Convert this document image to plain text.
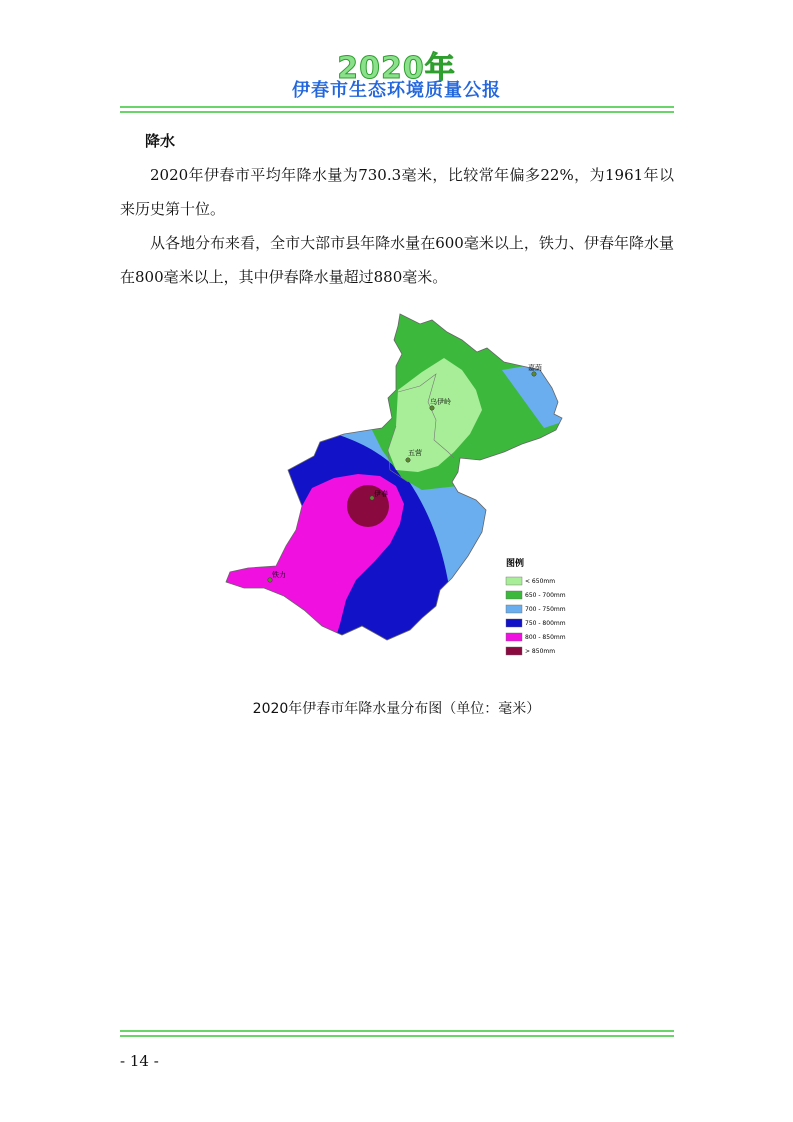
2020年
伊春市生态环境质量公报
降水

2020年伊春市平均年降水量为730.3毫米，比较常年偏多22%，为1961年以来历史第十位。

从各地分布来看，全市大部市县年降水量在600毫米以上，铁力、伊春年降水量在800毫米以上，其中伊春降水量超过880毫米。

嘉荫
乌伊岭
五营
伊春
铁力
图例
< 650mm
650 - 700mm
700 - 750mm
750 - 800mm
800 - 850mm
> 850mm
2020年伊春市年降水量分布图（单位：毫米）
- 14 -
